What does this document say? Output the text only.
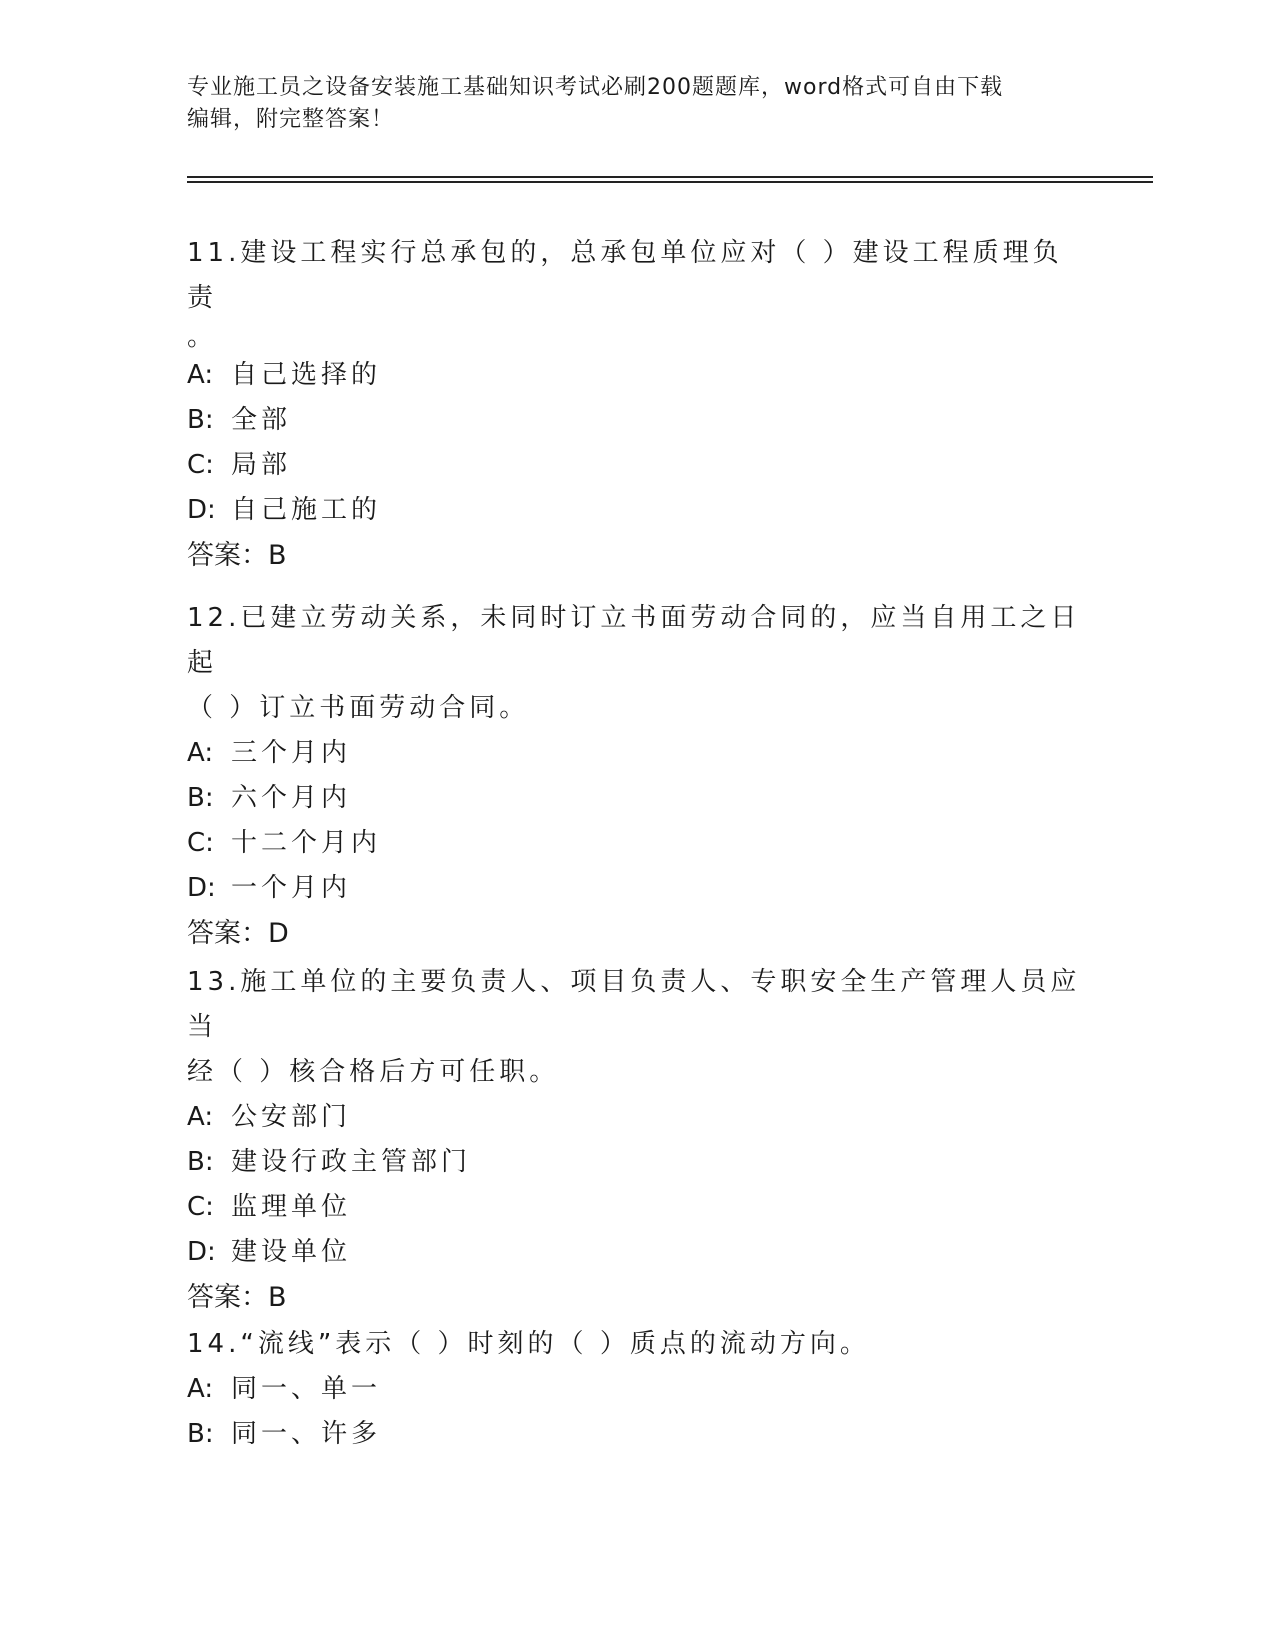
专业施工员之设备安装施工基础知识考试必刷200题题库，word格式可自由下载
编辑，附完整答案！

11.建设工程实行总承包的，总承包单位应对（ ）建设工程质理负责

。

A: 自己选择的

B: 全部

C: 局部

D: 自己施工的

答案：B

12.已建立劳动关系，未同时订立书面劳动合同的，应当自用工之日起

（ ）订立书面劳动合同。

A: 三个月内

B: 六个月内

C: 十二个月内

D: 一个月内

答案：D

13.施工单位的主要负责人、项目负责人、专职安全生产管理人员应当

经（ ）核合格后方可任职。

A: 公安部门

B: 建设行政主管部门

C: 监理单位

D: 建设单位

答案：B

14.“流线”表示（ ）时刻的（ ）质点的流动方向。

A: 同一、单一

B: 同一、许多
